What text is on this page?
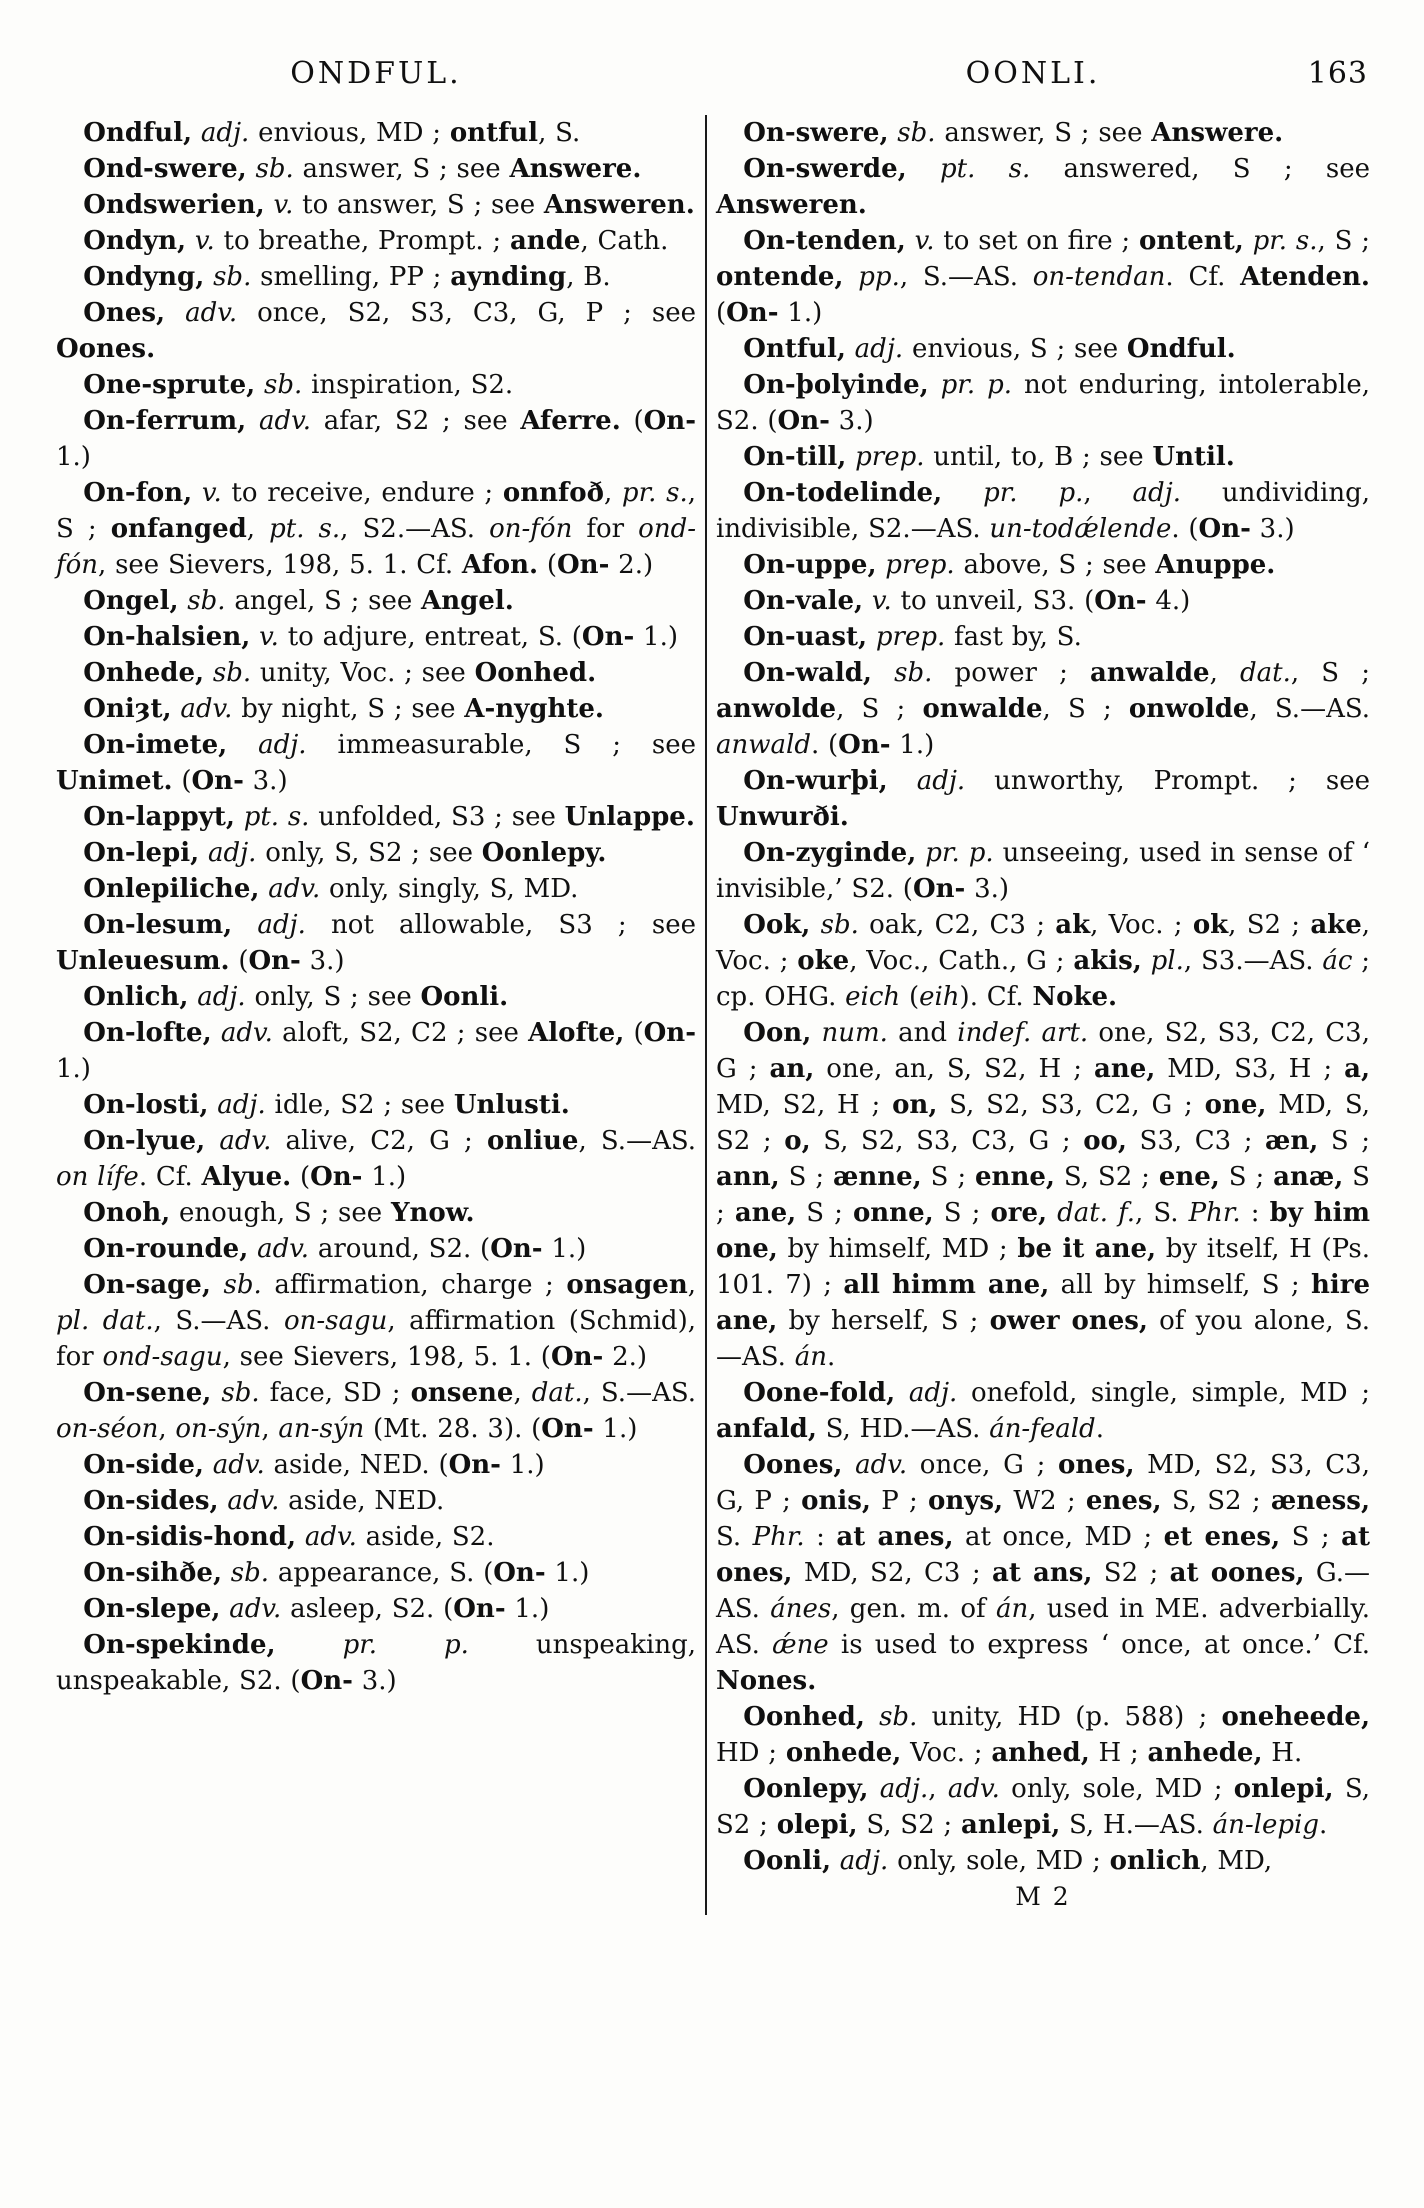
ONDFUL.	OONLI.	163

Ondful, adj. envious, MD ; ontful, S.

Ond-swere, sb. answer, S ; see Answere.

Ondswerien, v. to answer, S ; see Answeren.

Ondyn, v. to breathe, Prompt. ; ande, Cath.

Ondyng, sb. smelling, PP ; aynding, B.

Ones, adv. once, S2, S3, C3, G, P ; see Oones.

One-sprute, sb. inspiration, S2.

On-ferrum, adv. afar, S2 ; see Aferre. (On- 1.)

On-fon, v. to receive, endure ; onnfoð, pr. s., S ; onfanged, pt. s., S2.—AS. on-fón for ond-fón, see Sievers, 198, 5. 1. Cf. Afon. (On- 2.)

Ongel, sb. angel, S ; see Angel.

On-halsien, v. to adjure, entreat, S. (On- 1.)

Onhede, sb. unity, Voc. ; see Oonhed.

Oniȝt, adv. by night, S ; see A-nyghte.

On-imete, adj. immeasurable, S ; see Unimet. (On- 3.)

On-lappyt, pt. s. unfolded, S3 ; see Unlappe.

On-lepi, adj. only, S, S2 ; see Oonlepy.

Onlepiliche, adv. only, singly, S, MD.

On-lesum, adj. not allowable, S3 ; see Unleuesum. (On- 3.)

Onlich, adj. only, S ; see Oonli.

On-lofte, adv. aloft, S2, C2 ; see Alofte, (On- 1.)

On-losti, adj. idle, S2 ; see Unlusti.

On-lyue, adv. alive, C2, G ; onliue, S.—AS. on lífe. Cf. Alyue. (On- 1.)

Onoh, enough, S ; see Ynow.

On-rounde, adv. around, S2. (On- 1.)

On-sage, sb. affirmation, charge ; onsagen, pl. dat., S.—AS. on-sagu, affirmation (Schmid), for ond-sagu, see Sievers, 198, 5. 1. (On- 2.)

On-sene, sb. face, SD ; onsene, dat., S.—AS. on-séon, on-sýn, an-sýn (Mt. 28. 3). (On- 1.)

On-side, adv. aside, NED. (On- 1.)

On-sides, adv. aside, NED.

On-sidis-hond, adv. aside, S2.

On-sihðe, sb. appearance, S. (On- 1.)

On-slepe, adv. asleep, S2. (On- 1.)

On-spekinde,	pr. p. unspeaking, unspeakable, S2. (On- 3.)

On-swere, sb. answer, S ; see Answere.

On-swerde, pt. s. answered, S ; see Answeren.

On-tenden, v. to set on fire ; ontent, pr. s., S ; ontende, pp., S.—AS. on-tendan. Cf. Atenden. (On- 1.)

Ontful, adj. envious, S ; see Ondful.

On-þolyinde, pr. p. not enduring, intolerable, S2. (On- 3.)

On-till, prep. until, to, B ; see Until.

On-todelinde, pr. p., adj. undividing, indivisible, S2.—AS. un-todǽlende. (On- 3.)

On-uppe, prep. above, S ; see Anuppe.

On-vale, v. to unveil, S3. (On- 4.)

On-uast, prep. fast by, S.

On-wald, sb. power ; anwalde, dat., S ; anwolde, S ; onwalde, S ; onwolde, S.—AS. anwald. (On- 1.)

On-wurþi, adj. unworthy, Prompt. ; see Unwurði.

On-zyginde, pr. p. unseeing, used in sense of ‘ invisible,’ S2. (On- 3.)

Ook, sb. oak, C2, C3 ; ak, Voc. ; ok, S2 ; ake, Voc. ; oke, Voc., Cath., G ; akis, pl., S3.—AS. ác ; cp. OHG. eich (eih). Cf. Noke.

Oon, num. and indef. art. one, S2, S3, C2, C3, G ; an, one, an, S, S2, H ; ane, MD, S3, H ; a, MD, S2, H ; on, S, S2, S3, C2, G ; one, MD, S, S2 ; o, S, S2, S3, C3, G ; oo, S3, C3 ; æn, S ; ann, S ; ænne, S ; enne, S, S2 ; ene, S ; anæ, S ; ane, S ; onne, S ; ore, dat. f., S. Phr. : by him one, by himself, MD ; be it ane, by itself, H (Ps. 101. 7) ; all himm ane, all by himself, S ; hire ane, by herself, S ; ower ones, of you alone, S.—AS. án.

Oone-fold, adj. onefold, single, simple, MD ; anfald, S, HD.—AS. án-feald.

Oones, adv. once, G ; ones, MD, S2, S3, C3, G, P ; onis, P ; onys, W2 ; enes, S, S2 ; æness, S. Phr. : at anes, at once, MD ; et enes, S ; at ones, MD, S2, C3 ; at ans, S2 ; at oones, G.—AS. ánes, gen. m. of án, used in ME. adverbially. AS. ǽne is used to express ‘ once, at once.’ Cf. Nones.

Oonhed, sb. unity, HD (p. 588) ; oneheede, HD ; onhede, Voc. ; anhed, H ; anhede, H.

Oonlepy, adj., adv. only, sole, MD ; onlepi, S, S2 ; olepi, S, S2 ; anlepi, S, H.—AS. án-lepig.

Oonli, adj. only, sole, MD ; onlich, MD,

M 2
